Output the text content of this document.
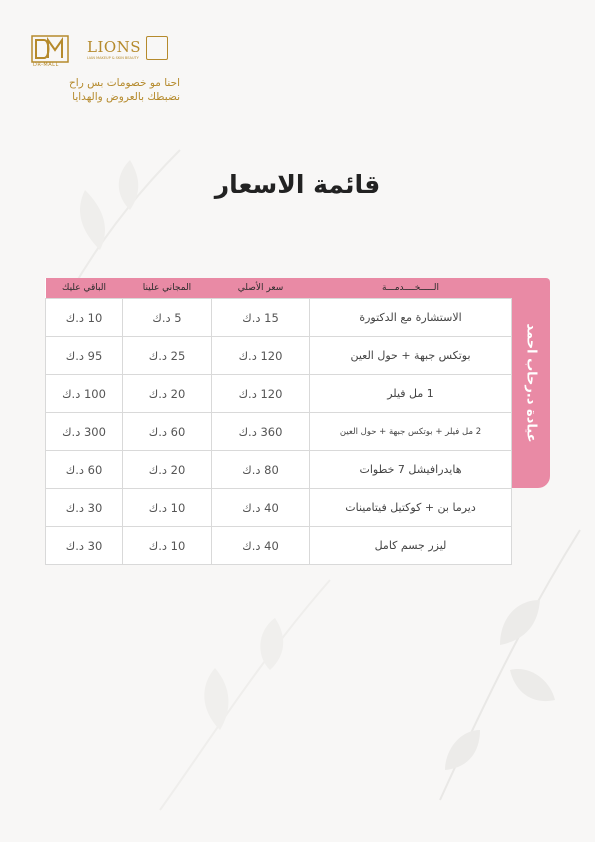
DR-MALL
LIONS
LIAN MAKEUP & SKIN BEAUTY
احنا مو خصومات بس راح
نضبطك بالعروض والهدايا
قائمة الاسعار
الـــــخــــدمـــة	سعر الأصلي	المجاني علينا	الباقي عليك
الاستشارة مع الدكتورة	15 د.ك	5 د.ك	10 د.ك
بوتكس جبهة + حول العين	120 د.ك	25 د.ك	95 د.ك
1 مل فيلر	120 د.ك	20 د.ك	100 د.ك
2 مل فيلر + بوتكس جبهة + حول العين	360 د.ك	60 د.ك	300 د.ك
هايدرافيشل 7 خطوات	80 د.ك	20 د.ك	60 د.ك
ديرما بن + كوكتيل فيتامينات	40 د.ك	10 د.ك	30 د.ك
ليزر جسم كامل	40 د.ك	10 د.ك	30 د.ك
عيادة د.رحاب احمد
